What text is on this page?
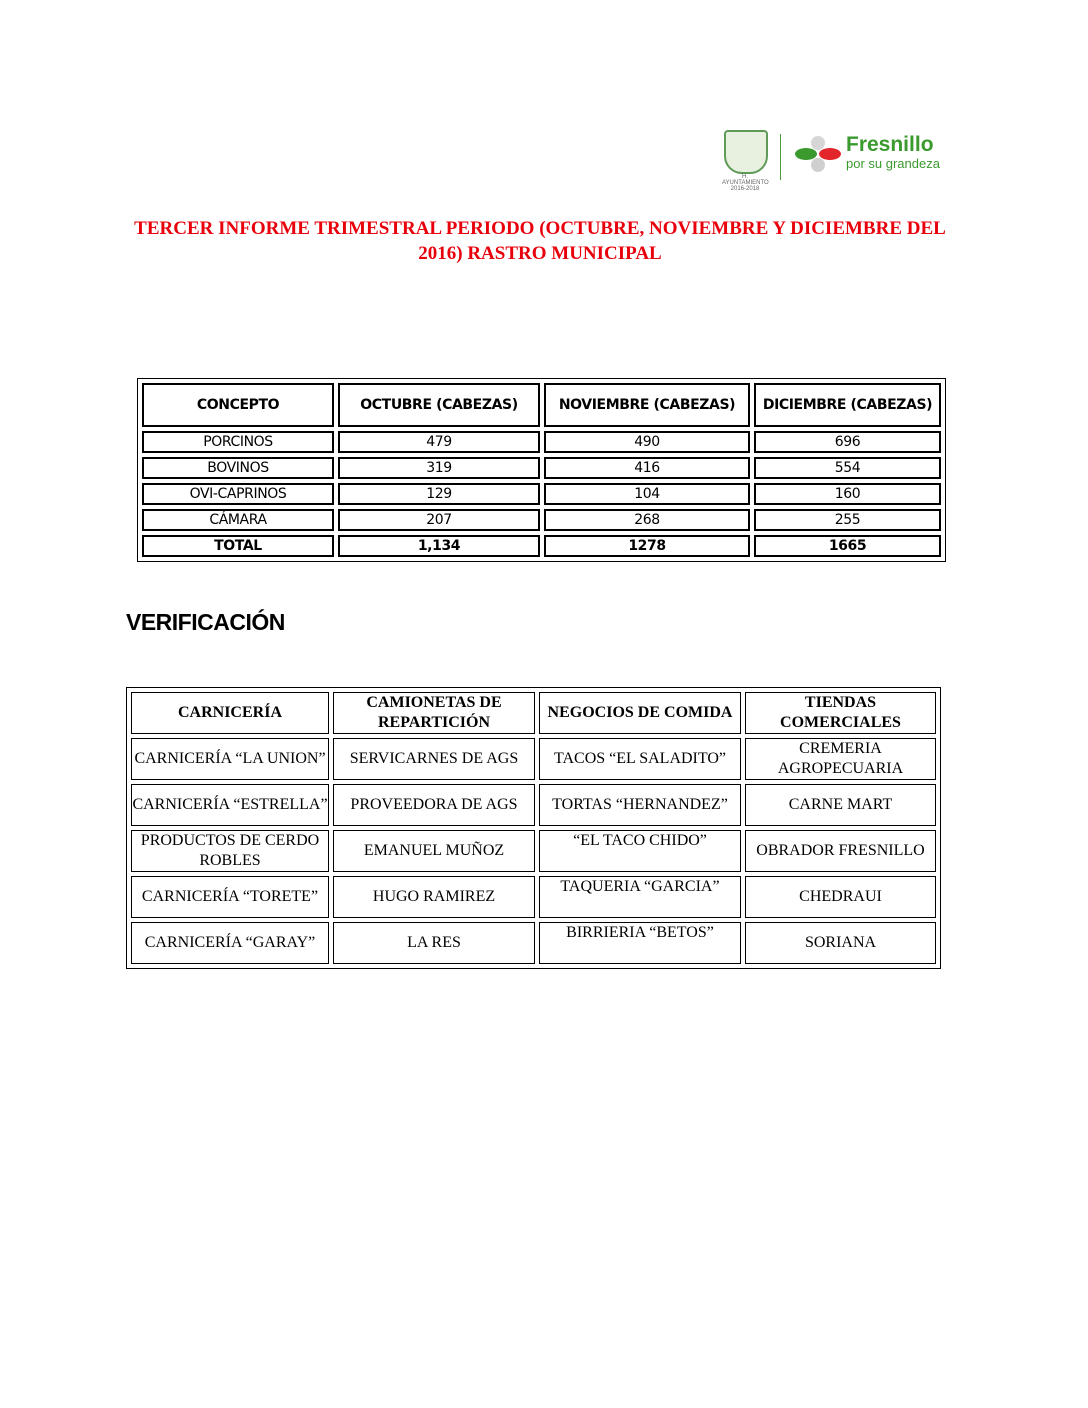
H. AYUNTAMIENTO 2016-2018
Fresnillo
por su grandeza
TERCER INFORME TRIMESTRAL PERIODO (OCTUBRE, NOVIEMBRE Y DICIEMBRE DEL 2016) RASTRO MUNICIPAL
CONCEPTO	OCTUBRE (CABEZAS)	NOVIEMBRE (CABEZAS)	DICIEMBRE (CABEZAS)
PORCINOS	479	490	696
BOVINOS	319	416	554
OVI-CAPRINOS	129	104	160
CÁMARA	207	268	255
TOTAL	1,134	1278	1665
VERIFICACIÓN
CARNICERÍA	CAMIONETAS DE REPARTICIÓN	NEGOCIOS DE COMIDA	TIENDAS COMERCIALES
CARNICERÍA “LA UNION”	SERVICARNES DE AGS	TACOS “EL SALADITO”	CREMERIA AGROPECUARIA
CARNICERÍA “ESTRELLA”	PROVEEDORA DE AGS	TORTAS “HERNANDEZ”	CARNE MART
PRODUCTOS DE CERDO ROBLES	EMANUEL MUÑOZ	“EL TACO CHIDO”	OBRADOR FRESNILLO
CARNICERÍA “TORETE”	HUGO RAMIREZ	TAQUERIA “GARCIA”	CHEDRAUI
CARNICERÍA “GARAY”	LA RES	BIRRIERIA “BETOS”	SORIANA
